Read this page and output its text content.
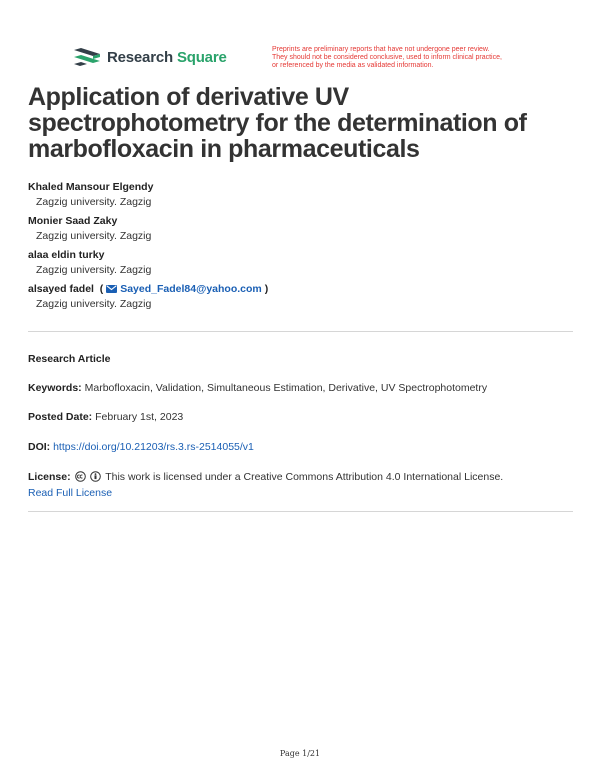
Research Square	Preprints are preliminary reports that have not undergone peer review.
They should not be considered conclusive, used to inform clinical practice,
or referenced by the media as validated information.
Application of derivative UV spectrophotometry for the determination of marbofloxacin in pharmaceuticals
Khaled Mansour Elgendy
Zagzig university. Zagzig
Monier Saad Zaky
Zagzig university. Zagzig
alaa eldin turky
Zagzig university. Zagzig
alsayed fadel  ( Sayed_Fadel84@yahoo.com )
Zagzig university. Zagzig
Research Article
Keywords: Marbofloxacin, Validation, Simultaneous Estimation, Derivative, UV Spectrophotometry
Posted Date: February 1st, 2023
DOI: https://doi.org/10.21203/rs.3.rs-2514055/v1
License:	This work is licensed under a Creative Commons Attribution 4.0 International License.
Read Full License
Page 1/21
